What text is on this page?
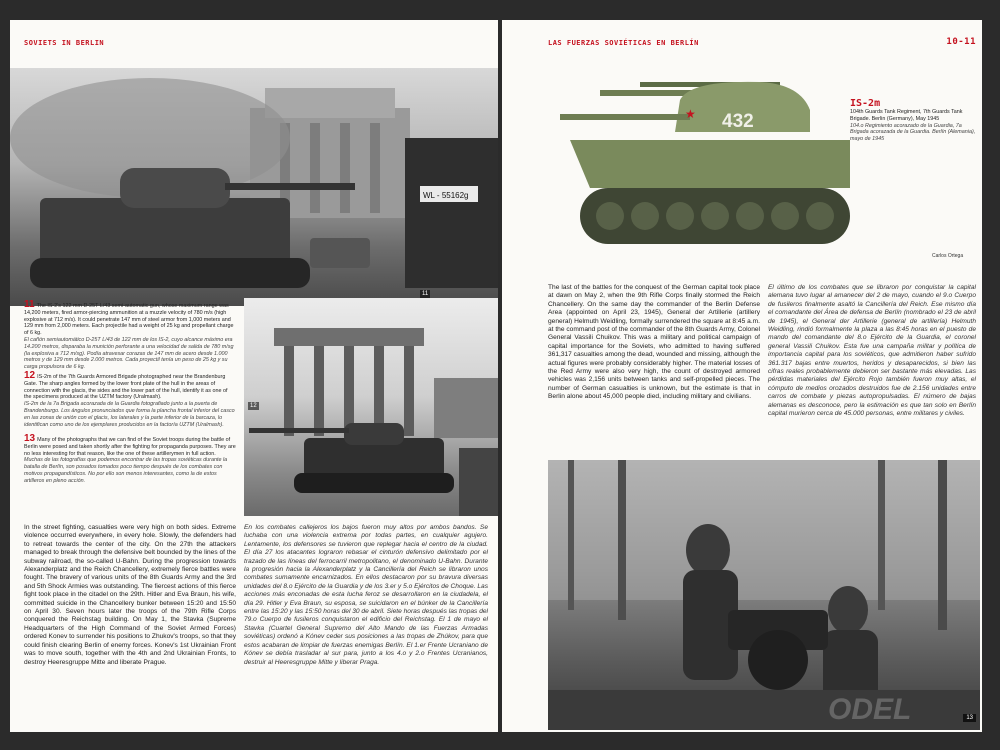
SOVIETS IN BERLIN
WL - 55162g
11
12
11 The IS-2's 122 mm D-25T L/43 semi-automatic gun, whose maximum range was 14,200 meters, fired armor-piercing ammunition at a muzzle velocity of 780 m/s (high explosive at 712 m/s). It could penetrate 147 mm of steel armor from 1,000 meters and 129 mm from 2,000 meters. Each projectile had a weight of 25 kg and propellant charge of 6 kg.
El cañón semiautomático D-25T L/43 de 122 mm de los IS-2, cuyo alcance máximo era 14.200 metros, disparaba la munición perforante a una velocidad de salida de 780 m/sg (la explosiva a 712 m/sg). Podía atravesar corazas de 147 mm de acero desde 1.000 metros y de 129 mm desde 2.000 metros. Cada proyectil tenía un peso de 25 kg y su carga propulsora de 6 kg.
12 IS-2m of the 7th Guards Armored Brigade photographed near the Brandenburg Gate. The sharp angles formed by the lower front plate of the hull in the areas of connection with the glacis, the sides and the lower part of the hull, identify it as one of the specimens produced at the UZTM factory (Uralmash).
IS-2m de la 7a Brigada acorazada de la Guardia fotografiado junto a la puerta de Brandenburgo. Los ángulos pronunciados que forma la plancha frontal inferior del casco en las zonas de unión con el glacis, los laterales y la parte inferior de la barcaza, lo identifican como uno de los ejemplares producidos en la factoría UZTM (Uralmash).
13 Many of the photographs that we can find of the Soviet troops during the battle of Berlin were posed and taken shortly after the fighting for propaganda purposes. They are no less interesting for that reason, like the one of these artillerymen in full action.
Muchas de las fotografías que podemos encontrar de las tropas soviéticas durante la batalla de Berlín, son posados tomados poco tiempo después de los combates con motivos propagandísticos. No por ello son menos interesantes, como la de estos artilleros en pleno acción.
In the street fighting, casualties were very high on both sides. Extreme violence occurred everywhere, in every hole. Slowly, the defenders had to retreat towards the center of the city. On the 27th the attackers managed to break through the defensive belt bounded by the lines of the subway railroad, the so-called U-Bahn. During the progression towards Alexanderplatz and the Reich Chancellery, extremely fierce battles were fought. The bravery of various units of the 8th Guards Army and the 3rd and 5th Shock Armies was outstanding. The fiercest actions of this fierce fight took place in the citadel on the 29th. Hitler and Eva Braun, his wife, committed suicide in the Chancellery bunker between 15:20 and 15:50 on April 30. Seven hours later the troops of the 79th Rifle Corps conquered the Reichstag building. On May 1, the Stavka (Supreme Headquarters of the High Command of the Soviet Armed Forces) ordered Konev to surrender his positions to Zhukov's troops, so that they could finish clearing Berlin of enemy forces. Konev's 1st Ukrainian Front was to move south, together with the 4th and 2nd Ukrainian Fronts, to destroy Heeresgruppe Mitte and liberate Prague.
En los combates callejeros los bajos fueron muy altos por ambos bandos. Se luchaba con una violencia extrema por todas partes, en cualquier agujero. Lentamente, los defensores se tuvieron que replegar hacia el centro de la ciudad. El día 27 los atacantes lograron rebasar el cinturón defensivo delimitado por el trazado de las líneas del ferrocarril metropolitano, el denominado U-Bahn. Durante la progresión hacia la Alexanderplatz y la Cancillería del Reich se libraron unos combates sumamente encarnizados. En ellos destacaron por su bravura diversas unidades del 8.o Ejército de la Guardia y de los 3.er y 5.o Ejércitos de Choque. Las acciones más enconadas de esta lucha feroz se desarrollaron en la ciudadela, el día 29. Hitler y Eva Braun, su esposa, se suicidaron en el búnker de la Cancillería entre las 15:20 y las 15:50 horas del 30 de abril. Siete horas después las tropas del 79.o Cuerpo de fusileros conquistaron el edificio del Reichstag. El 1 de mayo el Stavka (Cuartel General Supremo del Alto Mando de las Fuerzas Armadas soviéticas) ordenó a Kónev ceder sus posiciones a las tropas de Zhúkov, para que estos acabaran de limpiar de fuerzas enemigas Berlín. El 1.er Frente Ucraniano de Kónev se debía trasladar al sur para, junto a los 4.o y 2.o Frentes Ucranianos, destruir al Heeresgruppe Mitte y liberar Praga.
LAS FUERZAS SOVIÉTICAS EN BERLÍN	10-11
432
★
IS-2m
104th Guards Tank Regiment, 7th Guards Tank Brigade. Berlin (Germany), May 1945
104.o Regimiento acorazado de la Guardia, 7a Brigada acorazada de la Guardia. Berlín (Alemania), mayo de 1945
Carlos Ortega
The last of the battles for the conquest of the German capital took place at dawn on May 2, when the 9th Rifle Corps finally stormed the Reich Chancellery. On the same day the commander of the Berlin Defense Area (appointed on April 23, 1945), General der Artillerie (artillery general) Helmuth Weidling, formally surrendered the square at 8:45 a.m. at the command post of the commander of the 8th Guards Army, Colonel General Vassili Chuikov. This was a military and political campaign of capital importance for the Soviets, who admitted to having suffered 361,317 casualties among the dead, wounded and missing, although the actual figures were probably considerably higher. The material losses of the Red Army were also very high, the count of destroyed armored vehicles was 2,156 units between tanks and self-propelled pieces. The number of German casualties is unknown, but the estimate is that in Berlin alone about 45,000 people died, including military and civilians.
El último de los combates que se libraron por conquistar la capital alemana tuvo lugar al amanecer del 2 de mayo, cuando el 9.o Cuerpo de fusileros finalmente asaltó la Cancillería del Reich. Ese mismo día el comandante del Área de defensa de Berlín (nombrado el 23 de abril de 1945), el General der Artillerie (general de artillería) Helmuth Weidling, rindió formalmente la plaza a las 8:45 horas en el puesto de mando del comandante del 8.o Ejército de la Guardia, el coronel general Vassili Chuikov. Esta fue una campaña militar y política de importancia capital para los soviéticos, que admitieron haber sufrido 361.317 bajas entre muertos, heridos y desaparecidos, si bien las cifras reales probablemente debieron ser bastante más elevadas. Las pérdidas materiales del Ejército Rojo también fueron muy altas, el cómputo de medios orozados destruidos fue de 2.156 unidades entre carros de combate y piezas autopropulsadas. El número de bajas alemanas es desconoce, pero la estimación es que tan solo en Berlín capital murieron cerca de 45.000 personas, entre militares y civiles.
ODEL	13
